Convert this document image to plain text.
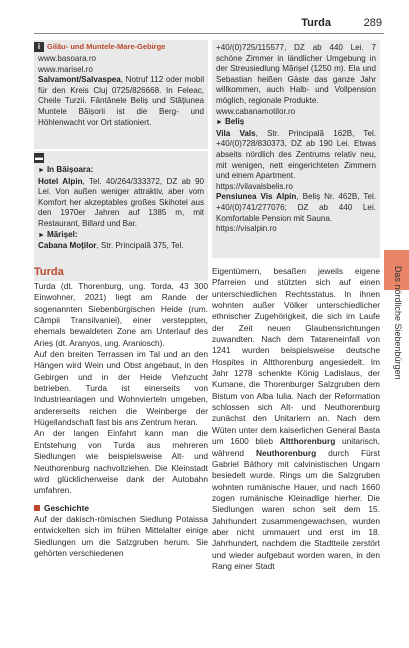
Turda	289
i Gilău- und Muntele-Mare-Gebirge
www.basoara.ro
www.marisel.ro
Salvamont/Salvaspea, Notruf 112 oder mobil für den Kreis Cluj 0725/826668. In Feleac, Cheile Turzii. Fântânele Beliș und Stâțiunea Muntele Băișorii ist die Berg- und Höhlenwacht vor Ort stationiert.
▬
► In Băișoara:
Hotel Alpin, Tel. 40/264/333372, DZ ab 90 Lei. Von außen weniger attraktiv, aber vom Komfort her akzeptables großes Skihotel aus den 1970er Jahren auf 1385 m, mit Restaurant, Billard und Bar.
► Mărișel:
Cabana Moților, Str. Principală 375, Tel.
+40/(0)725/115577, DZ ab 440 Lei. 7 schöne Zimmer in ländlicher Umgebung in der Streusiedlung Mărișel (1250 m). Ela und Sebastian heißen Gäste das ganze Jahr willkommen, auch Halb- und Vollpension möglich, regionale Produkte.
www.cabanamotilor.ro
► Beliș
Vila Vals, Str. Principală 162B, Tel. +40/(0)728/830373, DZ ab 190 Lei. Etwas abseits nördlich des Zentrums relativ neu, mit wenigen, nett eingerichteten Zimmern und einem Apartment.
https://vilavalsbelis.ro
Pensiunea Vis Alpin, Beliș Nr. 462B, Tel. +40/(0)741/277076; DZ ab 440 Lei. Komfortable Pension mit Sauna.
https://visalpin.ro
Das nördliche Siebenbürgen
Turda

Turda (dt. Thorenburg, ung. Torda, 43 300 Einwohner, 2021) liegt am Rande der sogenannten Siebenbürgischen Heide (rum. Câmpii Transilvaniei), einer versteppten, ehemals bewaldeten Zone am Unterlauf des Arieș (dt. Aranyos, ung. Araniosch).

Auf den breiten Terrassen im Tal und an den Hängen wird Wein und Obst angebaut, in den Gebirgen und in der Heide Viehzucht betrieben. Turda ist einerseits von Industrieanlagen und Wohnvierteln umgeben, andererseits reichen die Weinberge der Hügellandschaft fast bis ans Zentrum heran.

An der langen Einfahrt kann man die Entstehung von Turda aus mehreren Siedlungen wie beispielsweise Alt- und Neuthorenburg nachvollziehen. Die Kleinstadt wird glücklicherweise dank der Autobahn umfahren.

Geschichte

Auf der dakisch-römischen Siedlung Potaissa entwickelten sich im frühen Mittelalter einige Siedlungen um die Salzgruben herum. Sie gehörten verschiedenen

Eigentümern, besaßen jeweils eigene Pfarreien und stützten sich auf einen unterschiedlichen Rechtsstatus. In ihnen wohnten außer Völker unterschiedlicher ethnischer Zugehörigkeit, die sich im Laufe der Zeit neuen Glaubensrichtungen zuwandten. Nach dem Tatareneinfall von 1241 wurden beispielsweise deutsche Hospites in Altthorenburg angesiedelt. Im Jahr 1278 schenkte König Ladislaus, der Kumane, die Thorenburger Salzgruben dem Bistum von Alba Iulia. Nach der Reformation schlossen sich Alt- und Neuthorenburg zunächst den Unitariern an. Nach dem Wüten unter dem kaiserlichen General Basta um 1600 blieb Altthorenburg unitarisch, während Neuthorenburg durch Fürst Gabriel Báthory mit calvinistischen Ungarn besiedelt wurde. Rings um die Salzgruben wohnten rumänische Hauer, und nach 1660 zogen rumänische Kleinadlige hierher. Die Siedlungen waren schon seit dem 15. Jahrhundert zusammengewachsen, wurden aber nicht ummauert und erst im 18. Jahrhundert, nachdem die Stadtteile zerstört und wieder aufgebaut worden waren, in den Rang einer Stadt
